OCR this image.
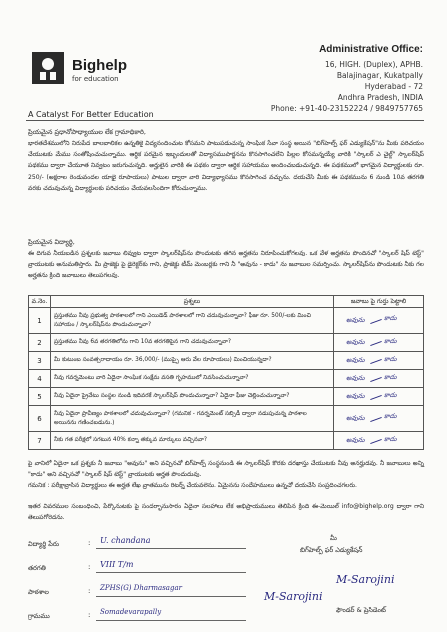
Bighelp
for education
A Catalyst For Better Education
Administrative Office:
16, HIGH. (Duplex), APHB.
Balajinagar, Kukatpally
Hyderabad - 72
Andhra Pradesh, INDIA
Phone: +91-40-23152224 / 9849757765
ప్రియమైన ప్రధానోపాధ్యాయుల లేక గ్రామాధికారి,
భారతదేశములోని నిరుపేద బాలబాలికల ఉన్నతికై విద్యనందించుట కోసమని పాటుపడుచున్న సాంఘిక సేవా సంస్థ అయిన "బిగ్‌హెల్ప్ ఫర్ ఎడ్యుకేషన్"ను మీకు పరిచయం చేయుటకు మేము సంతోషించుచున్నాము. ఆర్థిక పరమైన ఇబ్బందులతో విద్యాసముపార్జనను కొనసాగించలేని పిల్లల కోసమన్నయ్యే వారికి "స్కాలర్ ఎ చైల్డ్" స్కాలర్‌షిప్ పథకము ద్వారా చేయూత నివ్వటం జరుగుచున్నది. అర్హులైన వారికి ఈ పథకం ద్వారా ఆర్థిక సహాయము అందించబడుచున్నది. ఈ పథకములో భాగమైన విద్యార్థులకు రూ. 250/- (అక్షరాల రెండువందల యాభై రూపాయలు) పాటుల ద్వారా వారి విద్యాభ్యాసము కొనసాగించ వచ్చును. దయచేసి మీకు ఈ పథకమును 6 నుండి 10వ తరగతి వరకు చదువుచున్న విద్యార్థులకు పరిచయం చేయవలసిందిగా కోరుచున్నాము.
ప్రియమైన విద్యార్థి,
ఈ దిగువ నీయబడిన ప్రశ్నలకు జవాబు లివ్వుట ద్వారా స్కాలర్‌షిప్‌ను పొందుటకు తగిన అర్హతను నిరూపించుకోగలవు. ఒక వేళ అర్హతను పొందినచో "స్కాలర్ షిప్ టెస్ట్" వ్రాయుటకు అనుమతిస్తారు. మీ ప్రాజెక్టు పై డైరెక్టర్‌కు గాని, ప్రాజెక్టు టీమ్ మెంబర్లకు గాని నీ "అవును - కాదు" ను జవాబుల సమర్పించు. స్కాలర్‌షిప్‌ను పొందుటకు నీకు గల అర్హతను క్రింది జవాబులు తెలుపగలవు.
వ.నెం.	ప్రశ్నలు	జవాబు పై గుర్తు పెట్టాలి
1	ప్రస్తుతము నీవు ప్రభుత్వ పాఠశాలలో గాని ఎయిడెడ్ పాఠశాలలో గాని చదువుచున్నావా? ఫీజు రూ. 500/-లకు మించి సహాయం / స్కాలర్‌షిప్‌ను పొందుచున్నావా?	అవును కాదు

2	ప్రస్తుతము నీవు 6వ తరగతిలోను గాని 10వ తరగతిపైన గాని చదువుచున్నావా?	అవును కాదు

3	మీ కుటుంబ సంవత్సరాదాయం రూ. 36,000/- (ముప్పై ఆరు వేల రూపాయలు) మించియున్నదా?	అవును కాదు

4	నీవు గవర్నమెంటు వారి ఏదైనా సాంఘిక సంక్షేమ వసతి గృహములో నివసించుచున్నావా?	అవును కాదు

5	నీవు ఏదైనా ప్రైవేటు సంస్థల నుండి ఇదివరకే స్కాలర్‌షిప్ పొందుచున్నావా? ఏదైనా ఫీజు చెల్లించుచున్నావా?	అవును కాదు

6	నీవు ఏదైనా ప్రావీణ్యం పాఠశాలలో చదువుచున్నావా? (గమనిక - గవర్నమెంట్ సబ్సిడీ ద్వారా నడుపుచున్న పాఠశాల అయినను గణించబడును.)	అవును కాదు

7	నీకు గత పరీక్షలో సగటున 40% కన్నా తక్కువ మార్కులు వచ్చినవా?	అవును కాదు
పై వానిలో ఏదైనా ఒక ప్రశ్నకు నీ జవాబు "అవును" అని వచ్చినచో బిగ్‌హెల్ప్ సంస్థనుండి ఈ స్కాలర్‌షిప్ కొరకు దరఖాస్తు చేయుటకు నీవు అనర్హుడవు. నీ జవాబులు అన్ని "కాదు" అని వచ్చినచో "స్కాలర్ షిప్ టెస్ట్" వ్రాయుటకు అర్హత పొందుదువు.
గమనిక : పరీక్షావ్రాసిన విద్యార్థులు ఈ అర్హత లేఖ వ్రాతమును రిటర్న్ చేయవలెను. ఏమైనను సందేహములు ఉన్నచో దయచేసి సంప్రదించగలరు.
ఇతర వివరముల సంబంధించి, పేర్కొనుటకు పై సందర్భానుసారం ఏదైనా సలహాలు లేక అభిప్రాయములు తెలిపిన క్రింది ఈ-మెయిల్ info@bighelp.org ద్వారా గాని తెలుపగోరెదను.
విద్యార్థి పేరు	: U. chandana
తరగతి	: VIII T/m
పాఠశాల	: ZPHS(G) Dharmasagar
గ్రామము	: Somadevarapally
మీ
బిగ్‌హెల్ప్ ఫర్ ఎడ్యుకేషన్
M-Sarojini
M-Sarojini
ఫౌండర్ & ప్రెసిడెంట్
